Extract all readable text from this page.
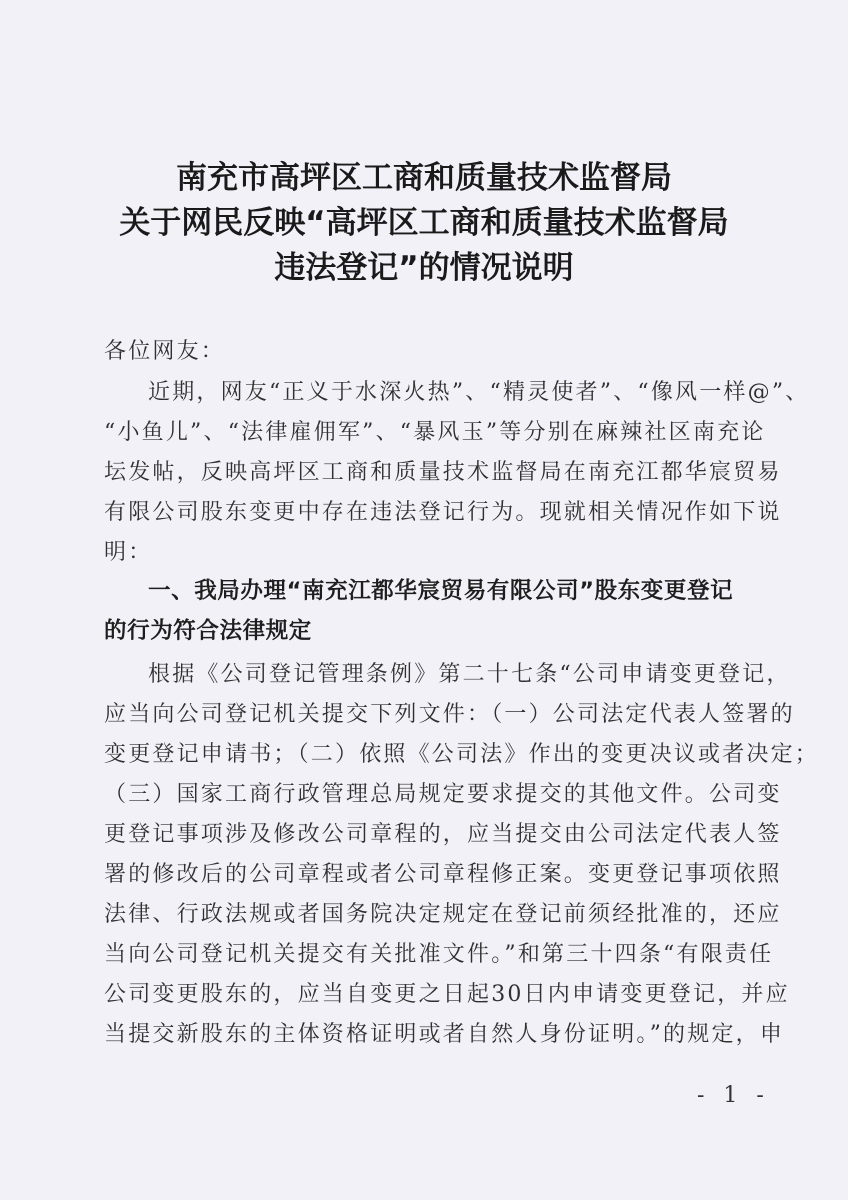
南充市高坪区工商和质量技术监督局
关于网民反映“高坪区工商和质量技术监督局
违法登记”的情况说明
各位网友：
近期，网友“正义于水深火热”、“精灵使者”、“像风一样@”、
“小鱼儿”、“法律雇佣军”、“暴风玉”等分别在麻辣社区南充论
坛发帖，反映高坪区工商和质量技术监督局在南充江都华宸贸易
有限公司股东变更中存在违法登记行为。现就相关情况作如下说
明：
一、我局办理“南充江都华宸贸易有限公司”股东变更登记
的行为符合法律规定
根据《公司登记管理条例》第二十七条“公司申请变更登记，
应当向公司登记机关提交下列文件：（一）公司法定代表人签署的
变更登记申请书；（二）依照《公司法》作出的变更决议或者决定；
（三）国家工商行政管理总局规定要求提交的其他文件。公司变
更登记事项涉及修改公司章程的，应当提交由公司法定代表人签
署的修改后的公司章程或者公司章程修正案。变更登记事项依照
法律、行政法规或者国务院决定规定在登记前须经批准的，还应
当向公司登记机关提交有关批准文件。”和第三十四条“有限责任
公司变更股东的，应当自变更之日起30日内申请变更登记，并应
当提交新股东的主体资格证明或者自然人身份证明。”的规定，申
- 1 -
